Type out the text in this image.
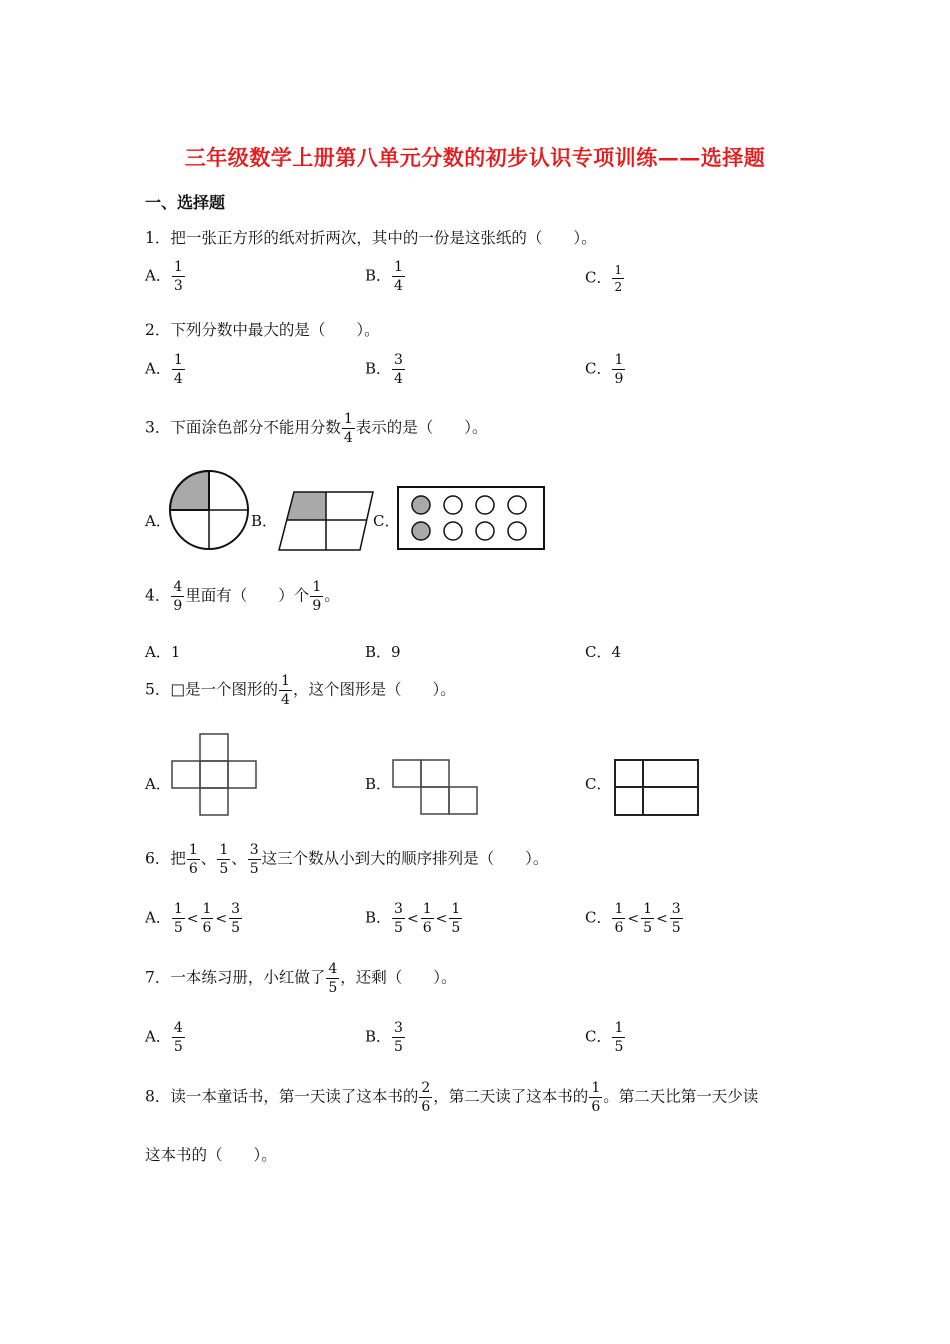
三年级数学上册第八单元分数的初步认识专项训练——选择题
一、选择题
1．把一张正方形的纸对折两次，其中的一份是这张纸的（　　）。
A． $\frac{1}{3}$	B． $\frac{1}{4}$	C． $\frac{1}{2}$
2．下列分数中最大的是（　　）。
A． $\frac{1}{4}$	B． $\frac{3}{4}$	C． $\frac{1}{9}$
3．下面涂色部分不能用分数 $\frac{1}{4}$ 表示的是（　　）。
A．	B．	C．
4． $\frac{4}{9}$ 里面有（　　）个 $\frac{1}{9}$ 。
A．1	B．9	C．4
5．□是一个图形的 $\frac{1}{4}$ ，这个图形是（　　）。
A．	B．	C．
6．把 $\frac{1}{6}$ 、 $\frac{1}{5}$ 、 $\frac{3}{5}$ 这三个数从小到大的顺序排列是（　　）。
A． $\frac{1}{5} < \frac{1}{6} < \frac{3}{5}$	B． $\frac{3}{5} < \frac{1}{6} < \frac{1}{5}$	C． $\frac{1}{6} < \frac{1}{5} < \frac{3}{5}$
7．一本练习册，小红做了 $\frac{4}{5}$ ，还剩（　　）。
A． $\frac{4}{5}$	B． $\frac{3}{5}$	C． $\frac{1}{5}$
8．读一本童话书，第一天读了这本书的 $\frac{2}{6}$ ，第二天读了这本书的 $\frac{1}{6}$ 。第二天比第一天少读
这本书的（　　）。
